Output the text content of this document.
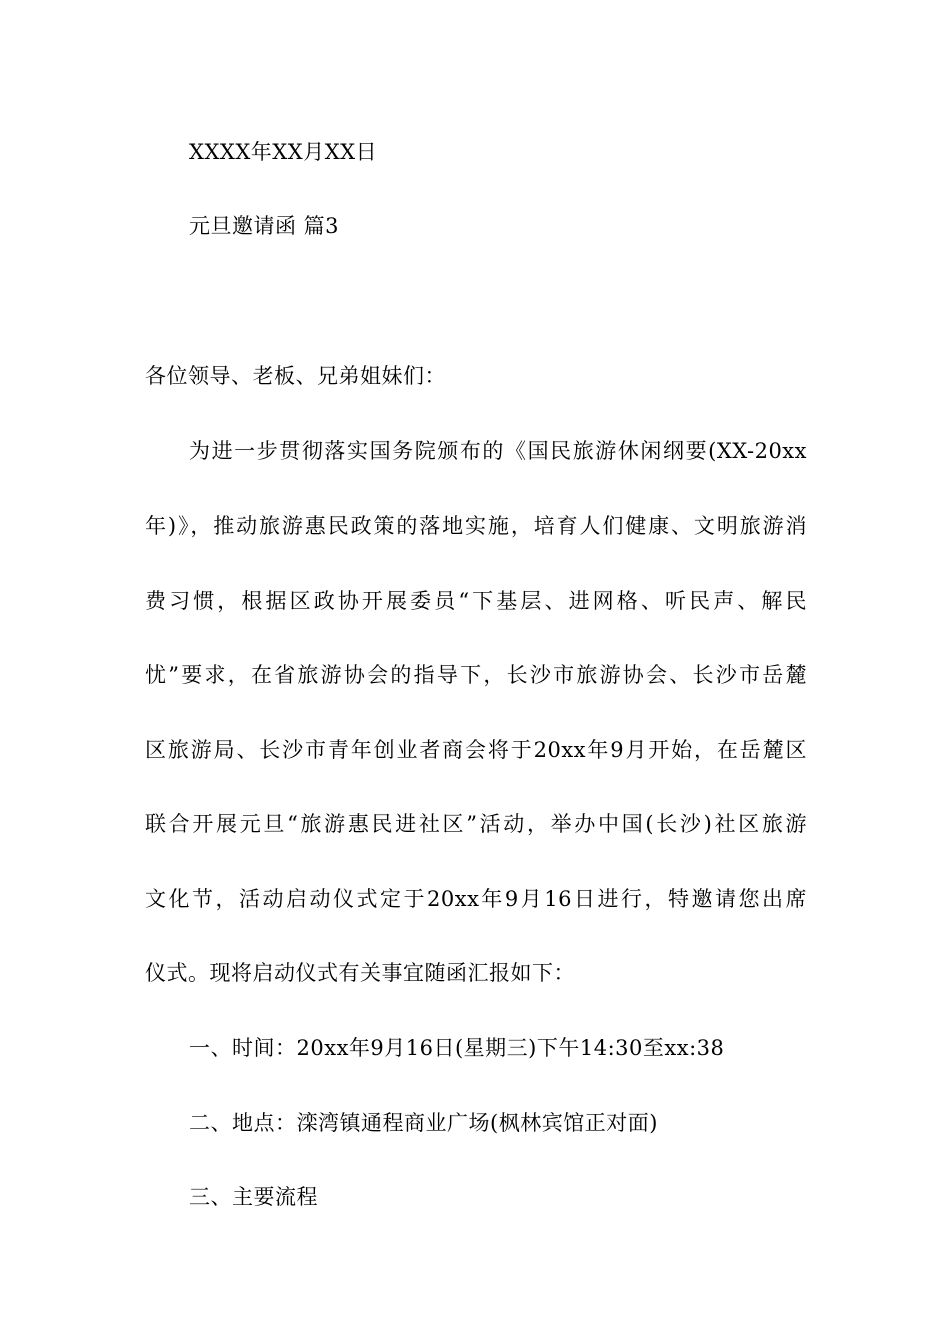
XXXX年XX月XX日
元旦邀请函 篇3
各位领导、老板、兄弟姐妹们：
为进一步贯彻落实国务院颁布的《国民旅游休闲纲要(XX-20xx
年)》，推动旅游惠民政策的落地实施，培育人们健康、文明旅游消
费习惯，根据区政协开展委员“下基层、进网格、听民声、解民
忧”要求，在省旅游协会的指导下，长沙市旅游协会、长沙市岳麓
区旅游局、长沙市青年创业者商会将于20xx年9月开始，在岳麓区
联合开展元旦“旅游惠民进社区”活动，举办中国(长沙)社区旅游
文化节，活动启动仪式定于20xx年9月16日进行，特邀请您出席
仪式。现将启动仪式有关事宜随函汇报如下：
一、时间：20xx年9月16日(星期三)下午14:30至xx:38
二、地点：滦湾镇通程商业广场(枫林宾馆正对面)
三、主要流程
